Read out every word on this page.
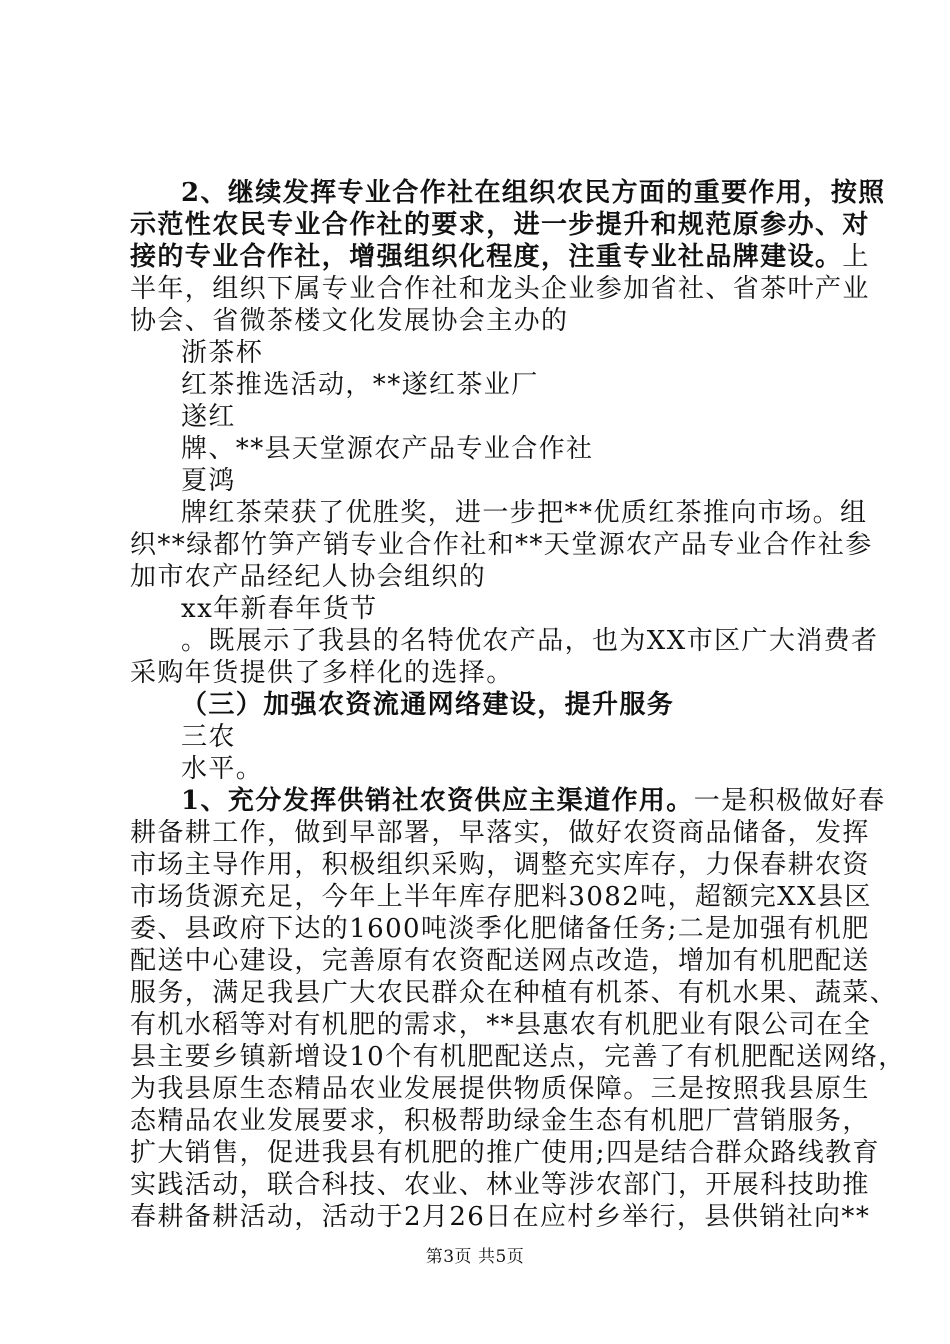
2、继续发挥专业合作社在组织农民方面的重要作用，按照
示范性农民专业合作社的要求，进一步提升和规范原参办、对
接的专业合作社，增强组织化程度，注重专业社品牌建设。上
半年，组织下属专业合作社和龙头企业参加省社、省茶叶产业
协会、省微茶楼文化发展协会主办的
浙茶杯
红茶推选活动，**遂红茶业厂
遂红
牌、**县天堂源农产品专业合作社
夏鸿
牌红茶荣获了优胜奖，进一步把**优质红茶推向市场。组
织**绿都竹笋产销专业合作社和**天堂源农产品专业合作社参
加市农产品经纪人协会组织的
xx年新春年货节
。既展示了我县的名特优农产品，也为XX市区广大消费者
采购年货提供了多样化的选择。
（三）加强农资流通网络建设，提升服务
三农
水平。
1、充分发挥供销社农资供应主渠道作用。一是积极做好春
耕备耕工作，做到早部署，早落实，做好农资商品储备，发挥
市场主导作用，积极组织采购，调整充实库存，力保春耕农资
市场货源充足，今年上半年库存肥料3082吨，超额完XX县区
委、县政府下达的1600吨淡季化肥储备任务;二是加强有机肥
配送中心建设，完善原有农资配送网点改造，增加有机肥配送
服务，满足我县广大农民群众在种植有机茶、有机水果、蔬菜、
有机水稻等对有机肥的需求，**县惠农有机肥业有限公司在全
县主要乡镇新增设10个有机肥配送点，完善了有机肥配送网络，
为我县原生态精品农业发展提供物质保障。三是按照我县原生
态精品农业发展要求，积极帮助绿金生态有机肥厂营销服务，
扩大销售，促进我县有机肥的推广使用;四是结合群众路线教育
实践活动，联合科技、农业、林业等涉农部门，开展科技助推
春耕备耕活动，活动于2月26日在应村乡举行，县供销社向**
第3页 共5页
